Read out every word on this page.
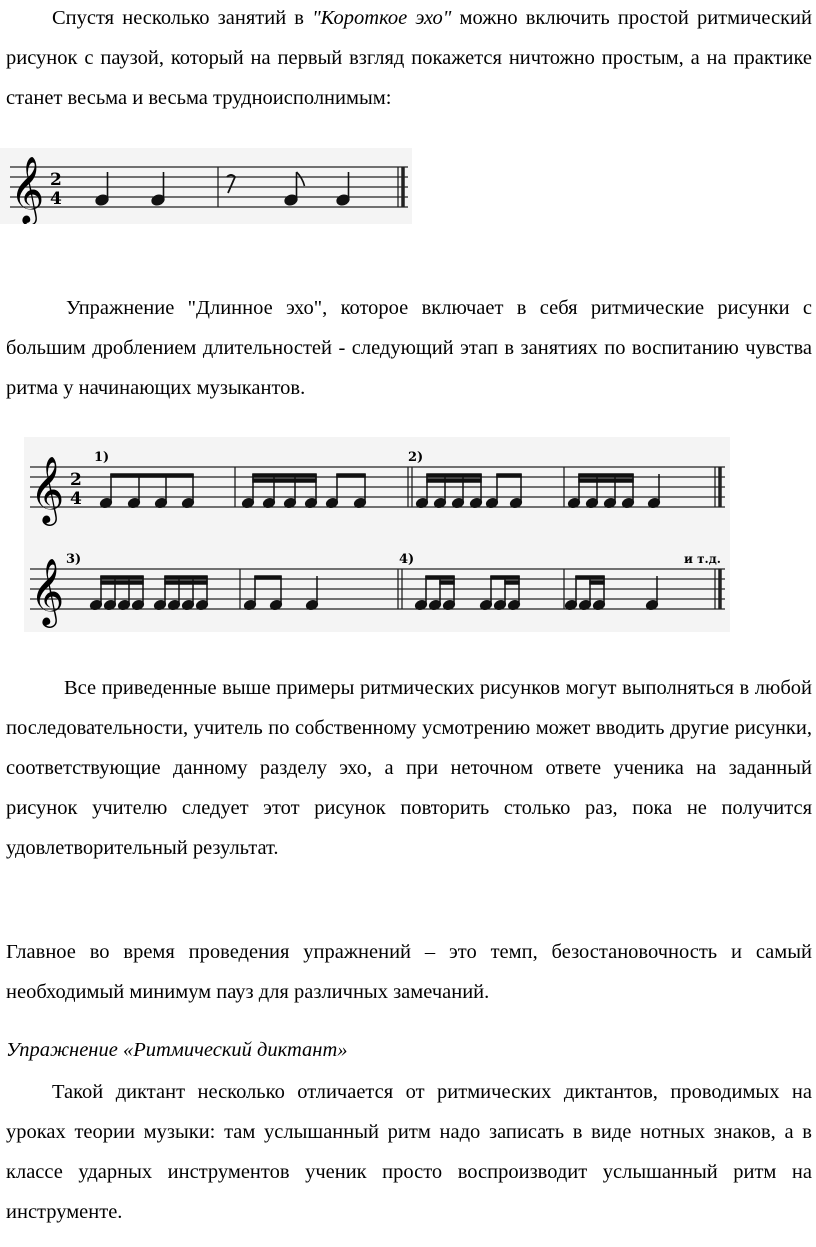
Спустя несколько занятий в "Короткое эхо" можно включить простой ритмический рисунок с паузой, который на первый взгляд покажется ничтожно простым, а на практике станет весьма и весьма трудноисполнимым:

𝄞 2
4

Упражнение "Длинное эхо", которое включает в себя ритмические рисунки с большим дроблением длительностей - следующий этап в занятиях по воспитанию чувства ритма у начинающих музыкантов.

𝄞
𝄞
2
4
1)	2)
3)	4)	и т.д.

Все приведенные выше примеры ритмических рисунков могут выполняться в любой последовательности, учитель по собственному усмотрению может вводить другие рисунки, соответствующие данному разделу эхо, а при неточном ответе ученика на заданный рисунок учителю следует этот рисунок повторить столько раз, пока не получится удовлетворительный результат.

Главное во время проведения упражнений – это темп, безостановочность и самый необходимый минимум пауз для различных замечаний.

Упражнение «Ритмический диктант»

Такой диктант несколько отличается от ритмических диктантов, проводимых на уроках теории музыки: там услышанный ритм надо записать в виде нотных знаков, а в классе ударных инструментов ученик просто воспроизводит услышанный ритм на инструменте.
